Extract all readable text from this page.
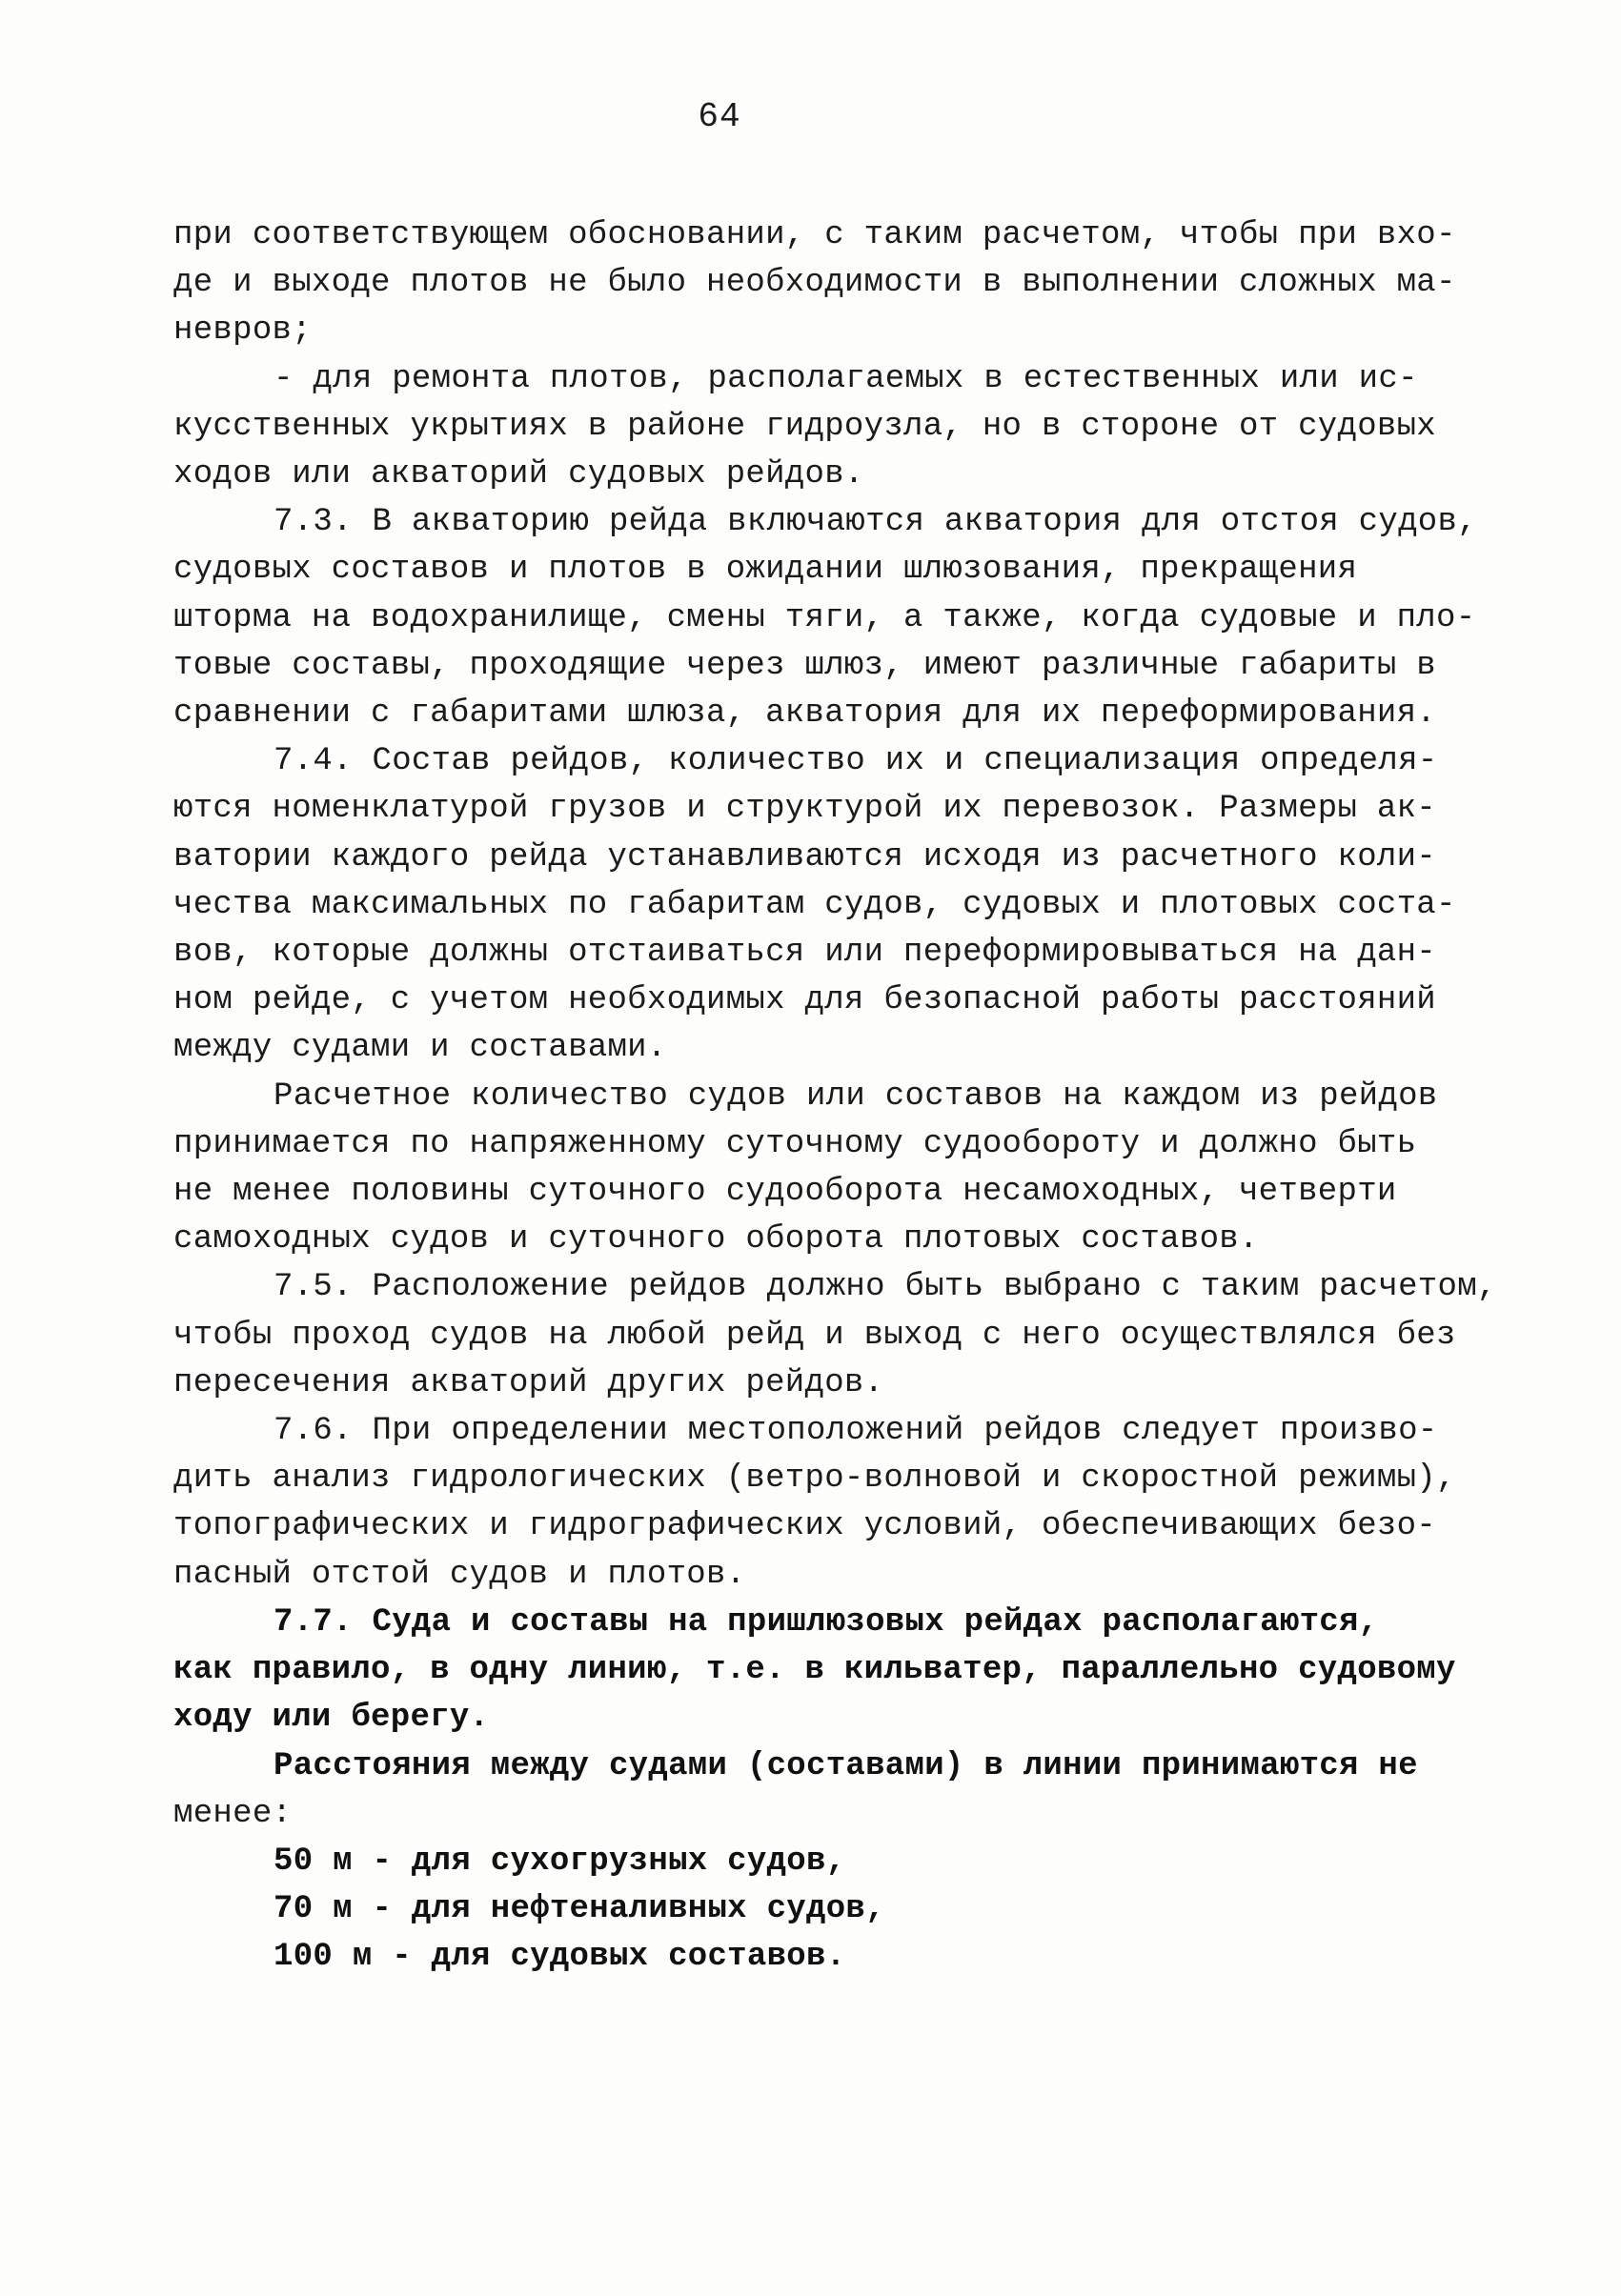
64
при соответствующем обосновании, с таким расчетом, чтобы при вхо-
де и выходе плотов не было необходимости в выполнении сложных ма-
невров;
- для ремонта плотов, располагаемых в естественных или ис-
кусственных укрытиях в районе гидроузла, но в стороне от судовых
ходов или акваторий судовых рейдов.
7.3. В акваторию рейда включаются акватория для отстоя судов,
судовых составов и плотов в ожидании шлюзования, прекращения
шторма на водохранилище, смены тяги, а также, когда судовые и пло-
товые составы, проходящие через шлюз, имеют различные габариты в
сравнении с габаритами шлюза, акватория для их переформирования.
7.4. Состав рейдов, количество их и специализация определя-
ются номенклатурой грузов и структурой их перевозок. Размеры ак-
ватории каждого рейда устанавливаются исходя из расчетного коли-
чества максимальных по габаритам судов, судовых и плотовых соста-
вов, которые должны отстаиваться или переформировываться на дан-
ном рейде, с учетом необходимых для безопасной работы расстояний
между судами и составами.
Расчетное количество судов или составов на каждом из рейдов
принимается по напряженному суточному судообороту и должно быть
не менее половины суточного судооборота несамоходных, четверти
самоходных судов и суточного оборота плотовых составов.
7.5. Расположение рейдов должно быть выбрано с таким расчетом,
чтобы проход судов на любой рейд и выход с него осуществлялся без
пересечения акваторий других рейдов.
7.6. При определении местоположений рейдов следует произво-
дить анализ гидрологических (ветро-волновой и скоростной режимы),
топографических и гидрографических условий, обеспечивающих безо-
пасный отстой судов и плотов.
7.7. Суда и составы на пришлюзовых рейдах располагаются,
как правило, в одну линию, т.е. в кильватер, параллельно судовому
ходу или берегу.
Расстояния между судами (составами) в линии принимаются не
менее:
50 м - для сухогрузных судов,
70 м - для нефтеналивных судов,
100 м - для судовых составов.
